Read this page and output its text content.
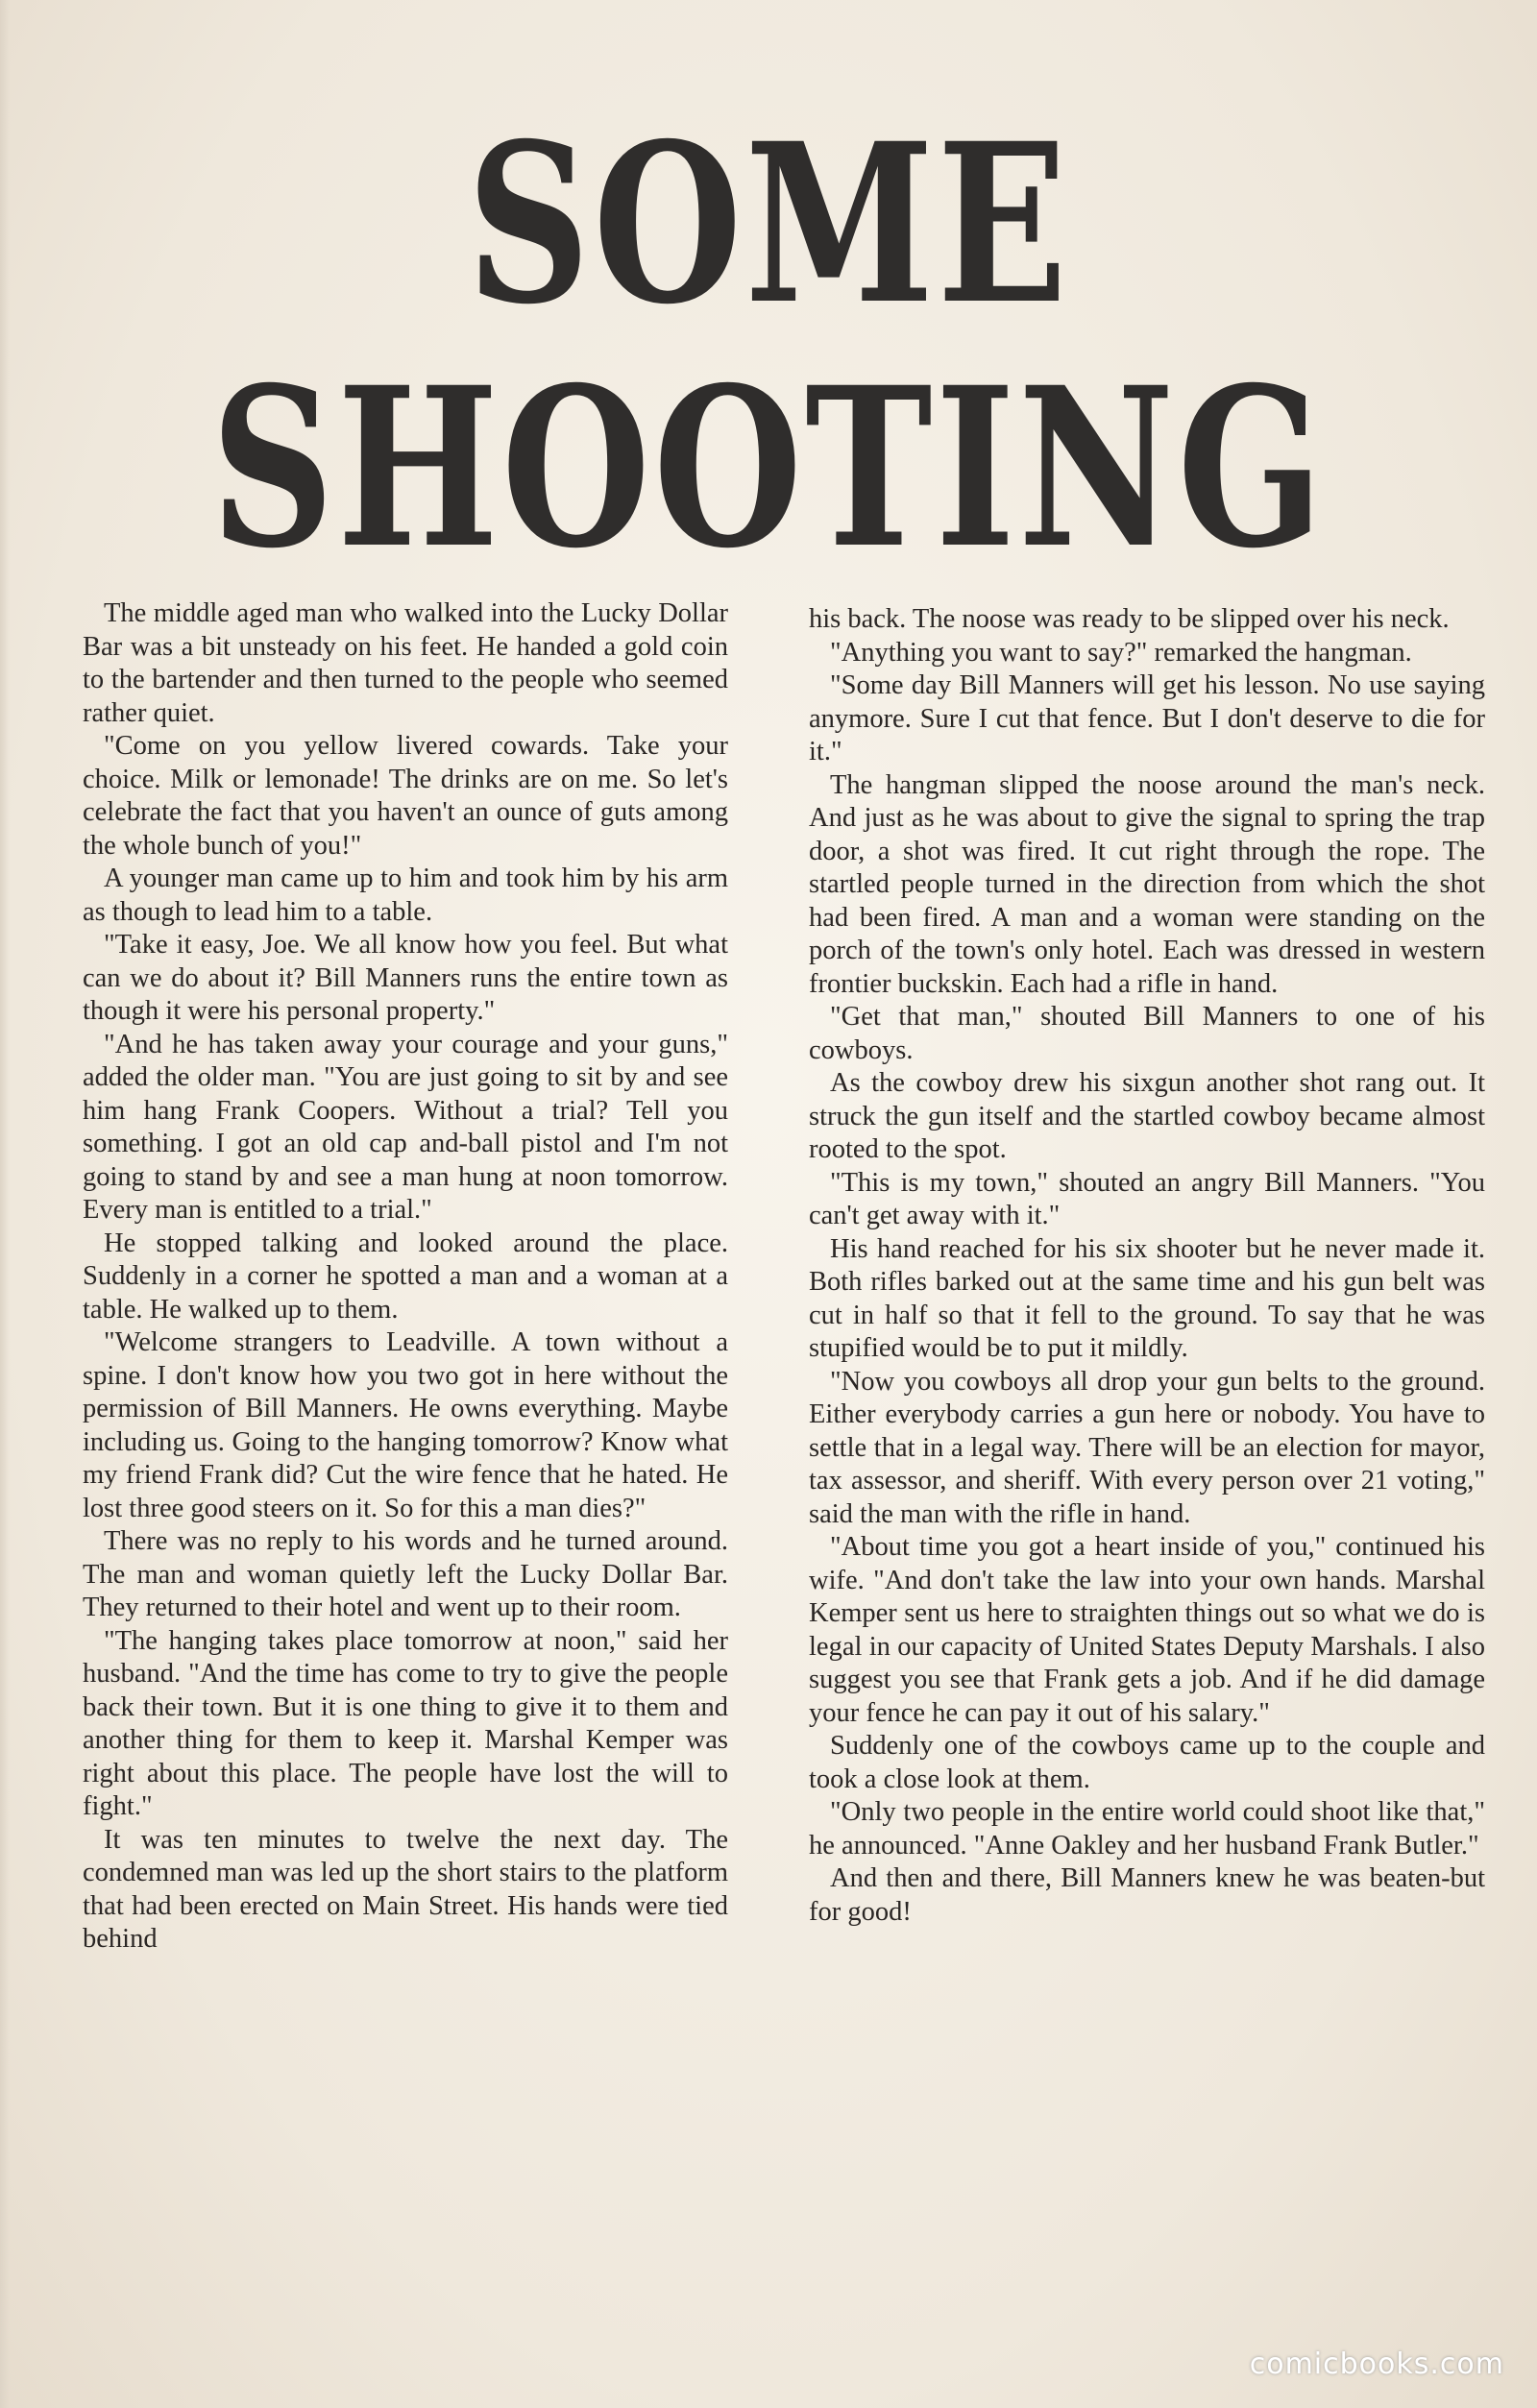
SOME
SHOOTING

The middle aged man who walked into the Lucky Dollar Bar was a bit unsteady on his feet. He handed a gold coin to the bartender and then turned to the people who seemed rather quiet.

"Come on you yellow livered cowards. Take your choice. Milk or lemonade! The drinks are on me. So let's celebrate the fact that you haven't an ounce of guts among the whole bunch of you!"

A younger man came up to him and took him by his arm as though to lead him to a table.

"Take it easy, Joe. We all know how you feel. But what can we do about it? Bill Manners runs the entire town as though it were his personal property."

"And he has taken away your courage and your guns," added the older man. "You are just going to sit by and see him hang Frank Coopers. Without a trial? Tell you something. I got an old cap and-ball pistol and I'm not going to stand by and see a man hung at noon tomorrow. Every man is entitled to a trial."

He stopped talking and looked around the place. Suddenly in a corner he spotted a man and a woman at a table. He walked up to them.

"Welcome strangers to Leadville. A town without a spine. I don't know how you two got in here without the permission of Bill Manners. He owns everything. Maybe including us. Going to the hanging tomorrow? Know what my friend Frank did? Cut the wire fence that he hated. He lost three good steers on it. So for this a man dies?"

There was no reply to his words and he turned around. The man and woman quietly left the Lucky Dollar Bar. They returned to their hotel and went up to their room.

"The hanging takes place tomorrow at noon," said her husband. "And the time has come to try to give the people back their town. But it is one thing to give it to them and another thing for them to keep it. Marshal Kemper was right about this place. The people have lost the will to fight."

It was ten minutes to twelve the next day. The condemned man was led up the short stairs to the platform that had been erected on Main Street. His hands were tied behind

his back. The noose was ready to be slipped over his neck.

"Anything you want to say?" remarked the hangman.

"Some day Bill Manners will get his lesson. No use saying anymore. Sure I cut that fence. But I don't deserve to die for it."

The hangman slipped the noose around the man's neck. And just as he was about to give the signal to spring the trap door, a shot was fired. It cut right through the rope. The startled people turned in the direction from which the shot had been fired. A man and a woman were standing on the porch of the town's only hotel. Each was dressed in western frontier buckskin. Each had a rifle in hand.

"Get that man," shouted Bill Manners to one of his cowboys.

As the cowboy drew his sixgun another shot rang out. It struck the gun itself and the startled cowboy became almost rooted to the spot.

"This is my town," shouted an angry Bill Manners. "You can't get away with it."

His hand reached for his six shooter but he never made it. Both rifles barked out at the same time and his gun belt was cut in half so that it fell to the ground. To say that he was stupified would be to put it mildly.

"Now you cowboys all drop your gun belts to the ground. Either everybody carries a gun here or nobody. You have to settle that in a legal way. There will be an election for mayor, tax assessor, and sheriff. With every person over 21 voting," said the man with the rifle in hand.

"About time you got a heart inside of you," continued his wife. "And don't take the law into your own hands. Marshal Kemper sent us here to straighten things out so what we do is legal in our capacity of United States Deputy Marshals. I also suggest you see that Frank gets a job. And if he did damage your fence he can pay it out of his salary."

Suddenly one of the cowboys came up to the couple and took a close look at them.

"Only two people in the entire world could shoot like that," he announced. "Anne Oakley and her husband Frank Butler."

And then and there, Bill Manners knew he was beaten-but for good!

comicbooks.com
